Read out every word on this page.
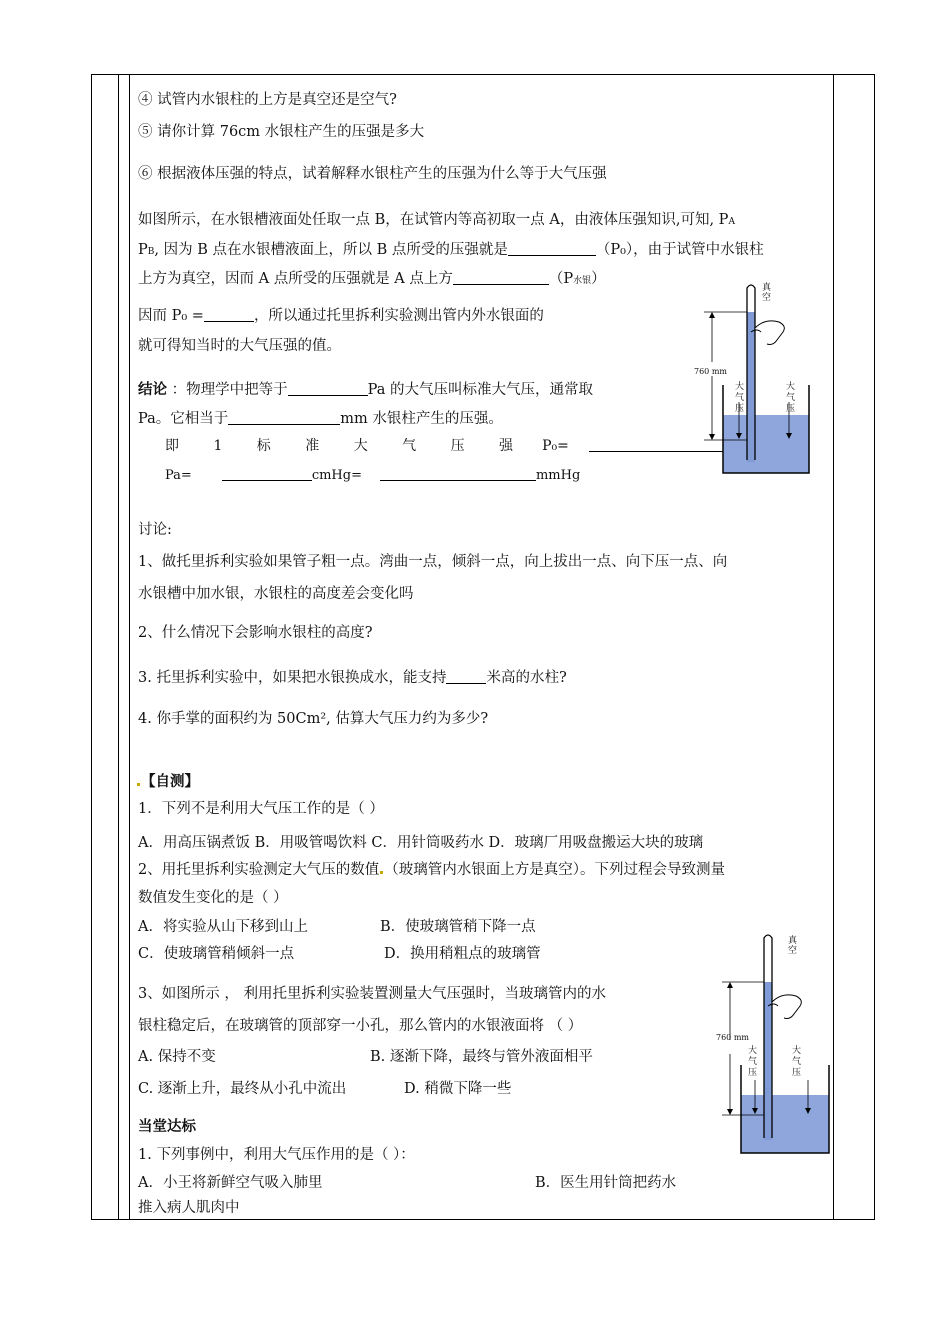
④ 试管内水银柱的上方是真空还是空气?
⑤ 请你计算 76cm 水银柱产生的压强是多大
⑥ 根据液体压强的特点，试着解释水银柱产生的压强为什么等于大气压强
如图所示，在水银槽液面处任取一点 B，在试管内等高初取一点 A，由液体压强知识,可知, PA
PB, 因为 B 点在水银槽液面上，所以 B 点所受的压强就是	（P₀），由于试管中水银柱
上方为真空，因而 A 点所受的压强就是 A 点上方	（P水银）
因而 P₀ =	，所以通过托里拆利实验测出管内外水银面的
就可得知当时的大气压强的值。
结论 ：物理学中把等于	Pa 的大气压叫标准大气压，通常取
Pa。它相当于	mm 水银柱产生的压强。
即 1 标 准 大 气 压 强 P₀=
Pa=	cmHg=	mmHg
真
空
760 mm
大
气
压
大
气
压
讨论:
1、做托里拆利实验如果管子粗一点。湾曲一点，倾斜一点，向上拔出一点、向下压一点、向
水银槽中加水银，水银柱的高度差会变化吗
2、什么情况下会影响水银柱的高度?
3. 托里拆利实验中，如果把水银换成水，能支持	米高的水柱?
4. 你手掌的面积约为 50Cm², 估算大气压力约为多少?
【自测】
1．下列不是利用大气压工作的是（ ）
A．用高压锅煮饭 B．用吸管喝饮料 C．用针筒吸药水 D．玻璃厂用吸盘搬运大块的玻璃
2、用托里拆利实验测定大气压的数值 （玻璃管内水银面上方是真空）。下列过程会导致测量
数值发生变化的是（ ）
A．将实验从山下移到山上	B．使玻璃管稍下降一点
C．使玻璃管稍倾斜一点	D．换用稍粗点的玻璃管
3、如图所示 ， 利用托里拆利实验装置测量大气压强时，当玻璃管内的水
银柱稳定后，在玻璃管的顶部穿一小孔，那么管内的水银液面将 （ ）
A. 保持不变	B. 逐渐下降，最终与管外液面相平
C. 逐渐上升，最终从小孔中流出	D. 稍微下降一些
真
空
760 mm
大
气
压
大
气
压
当堂达标
1. 下列事例中，利用大气压作用的是（ ）：
A．小王将新鲜空气吸入肺里	B．医生用针筒把药水
推入病人肌肉中
